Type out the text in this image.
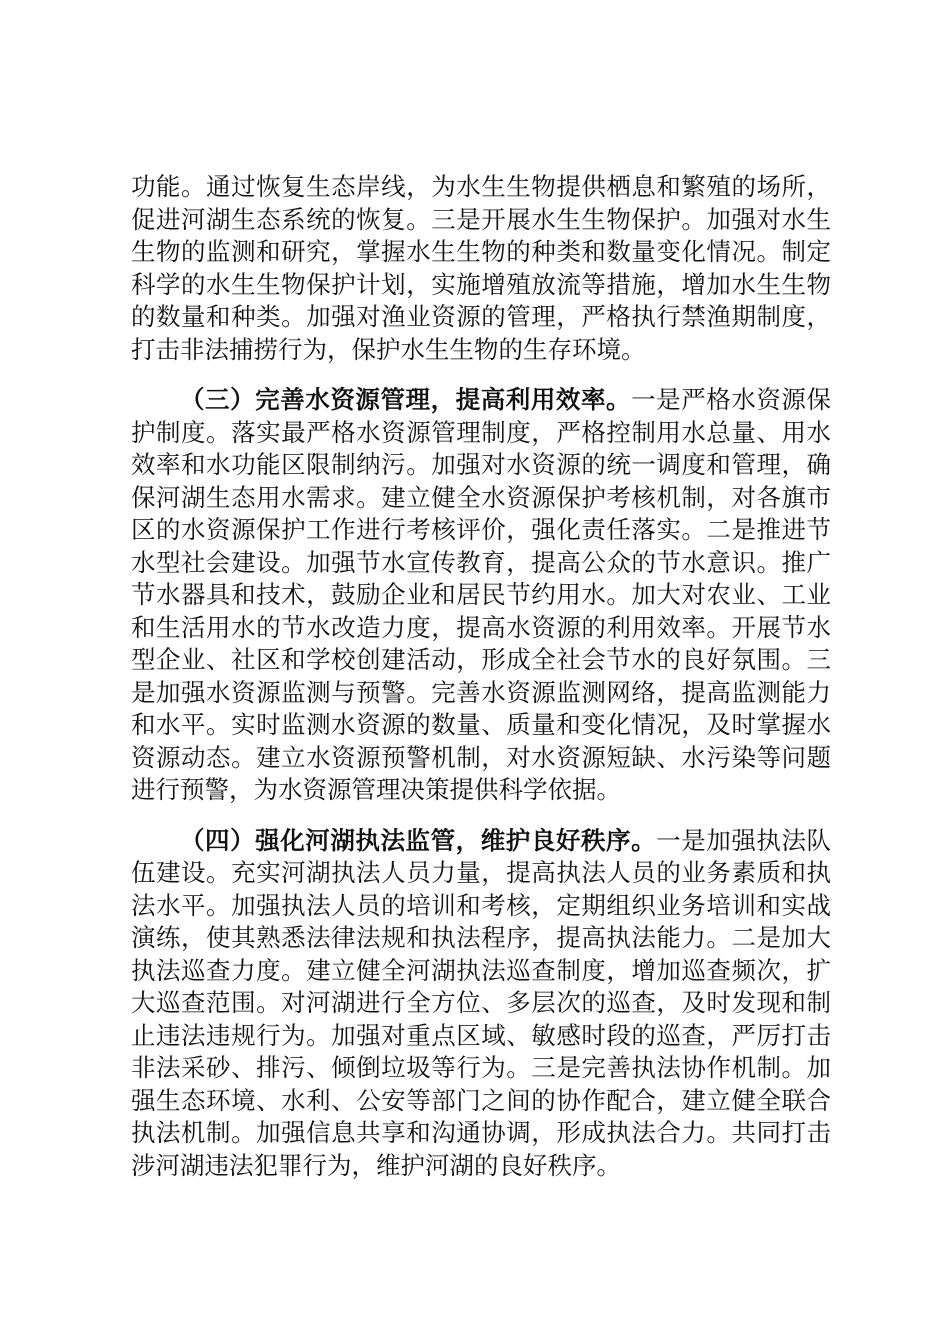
功能。通过恢复生态岸线，为水生生物提供栖息和繁殖的场所，促进河湖生态系统的恢复。三是开展水生生物保护。加强对水生生物的监测和研究，掌握水生生物的种类和数量变化情况。制定科学的水生生物保护计划，实施增殖放流等措施，增加水生生物的数量和种类。加强对渔业资源的管理，严格执行禁渔期制度，打击非法捕捞行为，保护水生生物的生存环境。

（三）完善水资源管理，提高利用效率。一是严格水资源保护制度。落实最严格水资源管理制度，严格控制用水总量、用水效率和水功能区限制纳污。加强对水资源的统一调度和管理，确保河湖生态用水需求。建立健全水资源保护考核机制，对各旗市区的水资源保护工作进行考核评价，强化责任落实。二是推进节水型社会建设。加强节水宣传教育，提高公众的节水意识。推广节水器具和技术，鼓励企业和居民节约用水。加大对农业、工业和生活用水的节水改造力度，提高水资源的利用效率。开展节水型企业、社区和学校创建活动，形成全社会节水的良好氛围。三是加强水资源监测与预警。完善水资源监测网络，提高监测能力和水平。实时监测水资源的数量、质量和变化情况，及时掌握水资源动态。建立水资源预警机制，对水资源短缺、水污染等问题进行预警，为水资源管理决策提供科学依据。

（四）强化河湖执法监管，维护良好秩序。一是加强执法队伍建设。充实河湖执法人员力量，提高执法人员的业务素质和执法水平。加强执法人员的培训和考核，定期组织业务培训和实战演练，使其熟悉法律法规和执法程序，提高执法能力。二是加大执法巡查力度。建立健全河湖执法巡查制度，增加巡查频次，扩大巡查范围。对河湖进行全方位、多层次的巡查，及时发现和制止违法违规行为。加强对重点区域、敏感时段的巡查，严厉打击非法采砂、排污、倾倒垃圾等行为。三是完善执法协作机制。加强生态环境、水利、公安等部门之间的协作配合，建立健全联合执法机制。加强信息共享和沟通协调，形成执法合力。共同打击涉河湖违法犯罪行为，维护河湖的良好秩序。
